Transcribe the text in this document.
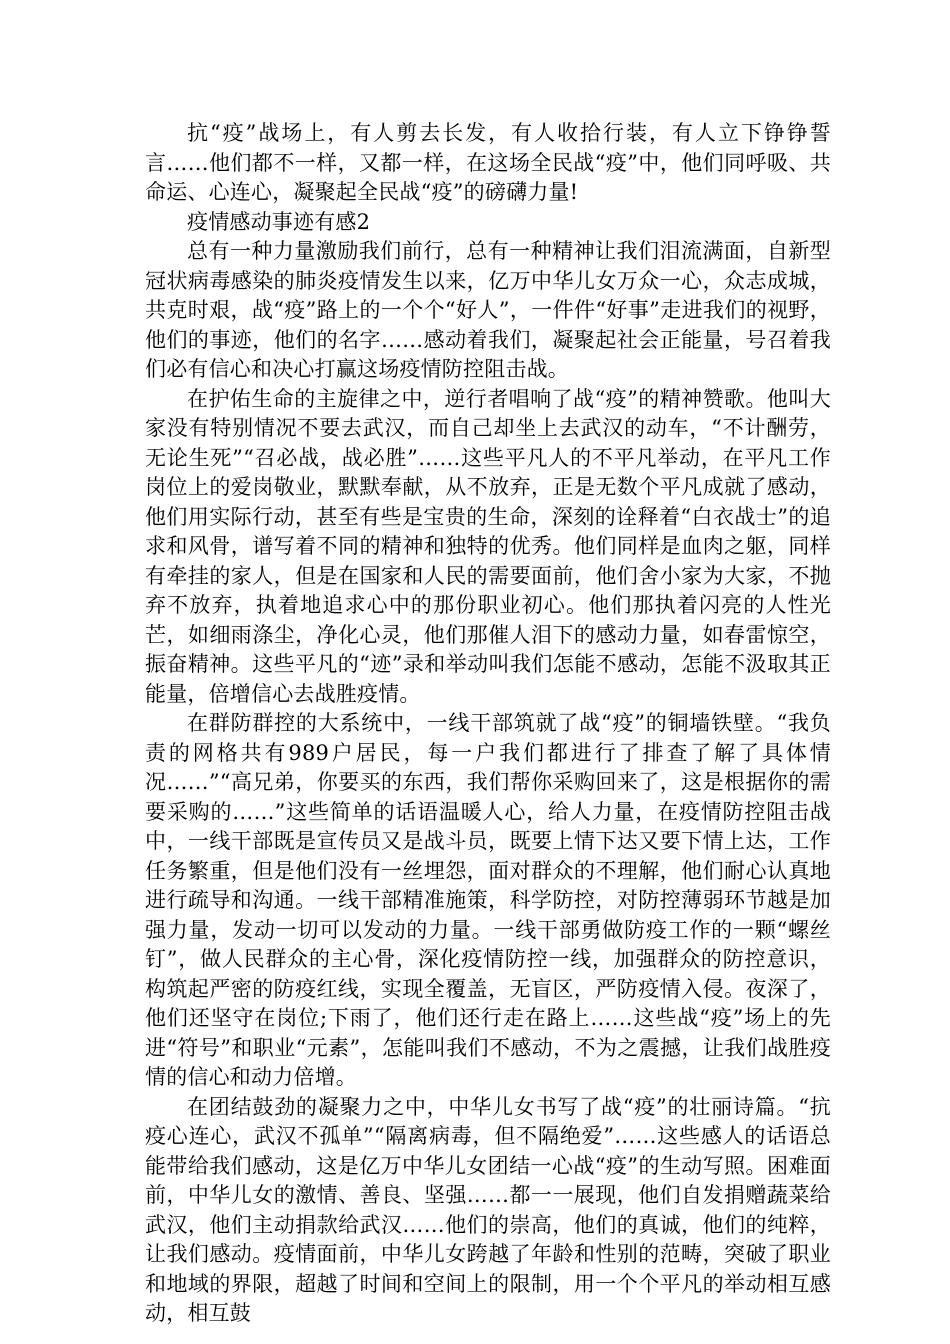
抗“疫”战场上，有人剪去长发，有人收拾行装，有人立下铮铮誓言……他们都不一样，又都一样，在这场全民战“疫”中，他们同呼吸、共命运、心连心，凝聚起全民战“疫”的磅礴力量!

疫情感动事迹有感2

总有一种力量激励我们前行，总有一种精神让我们泪流满面，自新型冠状病毒感染的肺炎疫情发生以来，亿万中华儿女万众一心，众志成城，共克时艰，战“疫”路上的一个个“好人”，一件件“好事”走进我们的视野，他们的事迹，他们的名字……感动着我们，凝聚起社会正能量，号召着我们必有信心和决心打赢这场疫情防控阻击战。

在护佑生命的主旋律之中，逆行者唱响了战“疫”的精神赞歌。他叫大家没有特别情况不要去武汉，而自己却坐上去武汉的动车，“不计酬劳，无论生死”“召必战，战必胜”……这些平凡人的不平凡举动，在平凡工作岗位上的爱岗敬业，默默奉献，从不放弃，正是无数个平凡成就了感动，他们用实际行动，甚至有些是宝贵的生命，深刻的诠释着“白衣战士”的追求和风骨，谱写着不同的精神和独特的优秀。他们同样是血肉之躯，同样有牵挂的家人，但是在国家和人民的需要面前，他们舍小家为大家，不抛弃不放弃，执着地追求心中的那份职业初心。他们那执着闪亮的人性光芒，如细雨涤尘，净化心灵，他们那催人泪下的感动力量，如春雷惊空，振奋精神。这些平凡的“迹”录和举动叫我们怎能不感动，怎能不汲取其正能量，倍增信心去战胜疫情。

在群防群控的大系统中，一线干部筑就了战“疫”的铜墙铁壁。“我负责的网格共有989户居民，每一户我们都进行了排查了解了具体情况……”“高兄弟，你要买的东西，我们帮你采购回来了，这是根据你的需要采购的……”这些简单的话语温暖人心，给人力量，在疫情防控阻击战中，一线干部既是宣传员又是战斗员，既要上情下达又要下情上达，工作任务繁重，但是他们没有一丝埋怨，面对群众的不理解，他们耐心认真地进行疏导和沟通。一线干部精准施策，科学防控，对防控薄弱环节越是加强力量，发动一切可以发动的力量。一线干部勇做防疫工作的一颗“螺丝钉”，做人民群众的主心骨，深化疫情防控一线，加强群众的防控意识，构筑起严密的防疫红线，实现全覆盖，无盲区，严防疫情入侵。夜深了，他们还坚守在岗位;下雨了，他们还行走在路上……这些战“疫”场上的先进“符号”和职业“元素”，怎能叫我们不感动，不为之震撼，让我们战胜疫情的信心和动力倍增。

在团结鼓劲的凝聚力之中，中华儿女书写了战“疫”的壮丽诗篇。“抗疫心连心，武汉不孤单”“隔离病毒，但不隔绝爱”……这些感人的话语总能带给我们感动，这是亿万中华儿女团结一心战“疫”的生动写照。困难面前，中华儿女的激情、善良、坚强……都一一展现，他们自发捐赠蔬菜给武汉，他们主动捐款给武汉……他们的崇高，他们的真诚，他们的纯粹，让我们感动。疫情面前，中华儿女跨越了年龄和性别的范畴，突破了职业和地域的界限，超越了时间和空间上的限制，用一个个平凡的举动相互感动，相互鼓
